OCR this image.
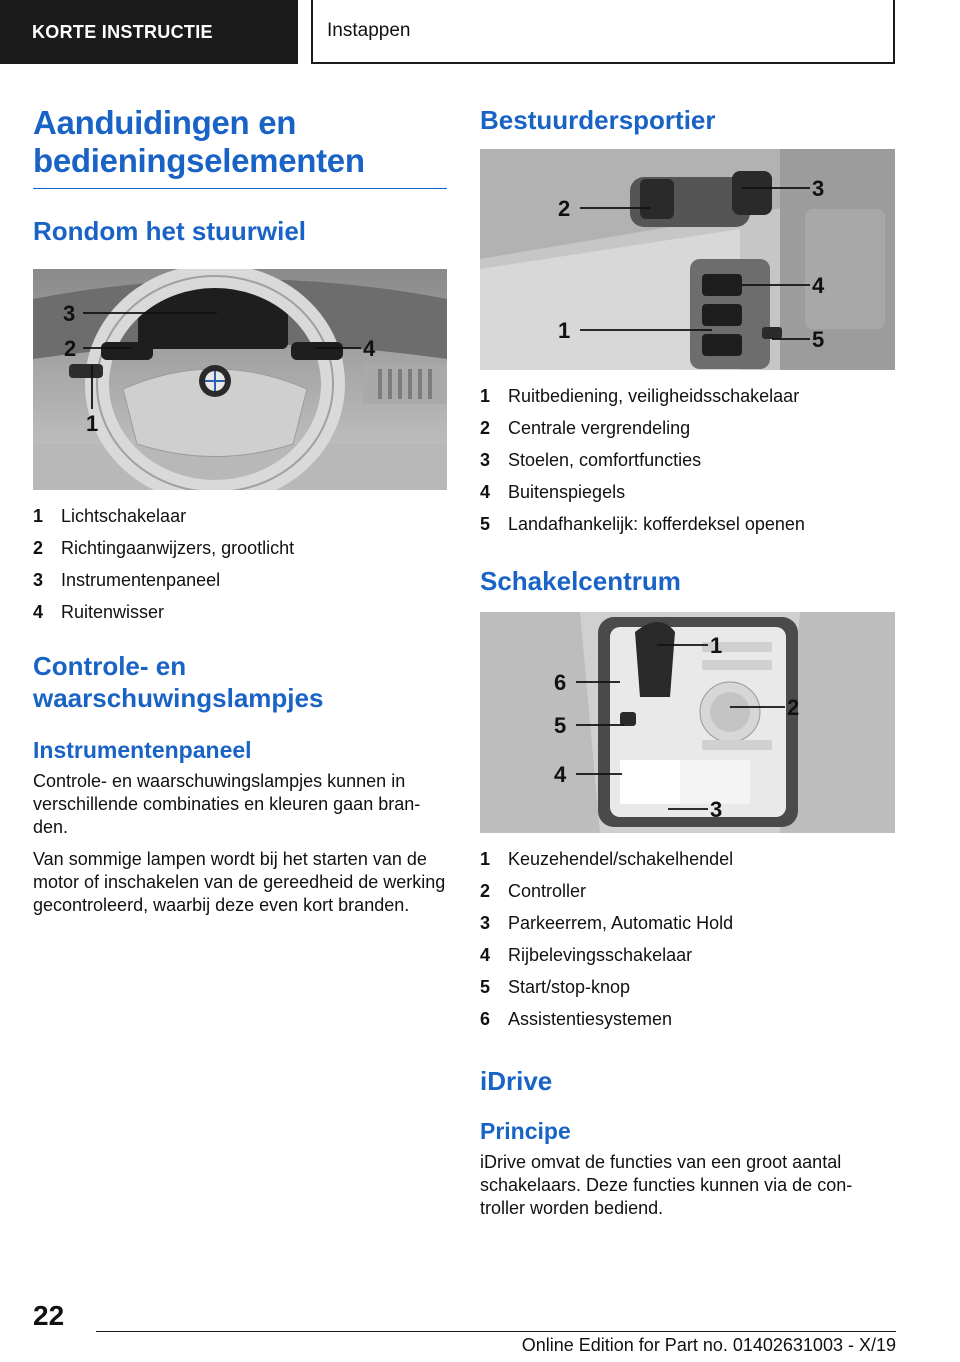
KORTE INSTRUCTIE	Instappen
Aanduidingen en
bedieningselementen
Rondom het stuurwiel
3
2
1
4
1 Lichtschakelaar
2 Richtingaanwijzers, grootlicht
3 Instrumentenpaneel
4 Ruitenwisser
Controle- en
waarschuwingslampjes
Instrumentenpaneel

Controle- en waarschuwingslampjes kunnen in verschillende combinaties en kleuren gaan bran-den.

Van sommige lampen wordt bij het starten van de motor of inschakelen van de gereedheid de werking gecontroleerd, waarbij deze even kort branden.

Bestuurdersportier
2
3
4
1	5
1 Ruitbediening, veiligheidsschakelaar
2 Centrale vergrendeling
3 Stoelen, comfortfuncties
4 Buitenspiegels
5 Landafhankelijk: kofferdeksel openen
Schakelcentrum
1
2
3
4
5
6
1 Keuzehendel/schakelhendel
2 Controller
3 Parkeerrem, Automatic Hold
4 Rijbelevingsschakelaar
5 Start/stop-knop
6 Assistentiesystemen
iDrive
Principe

iDrive omvat de functies van een groot aantal schakelaars. Deze functies kunnen via de con-troller worden bediend.

22
Online Edition for Part no. 01402631003 - X/19
